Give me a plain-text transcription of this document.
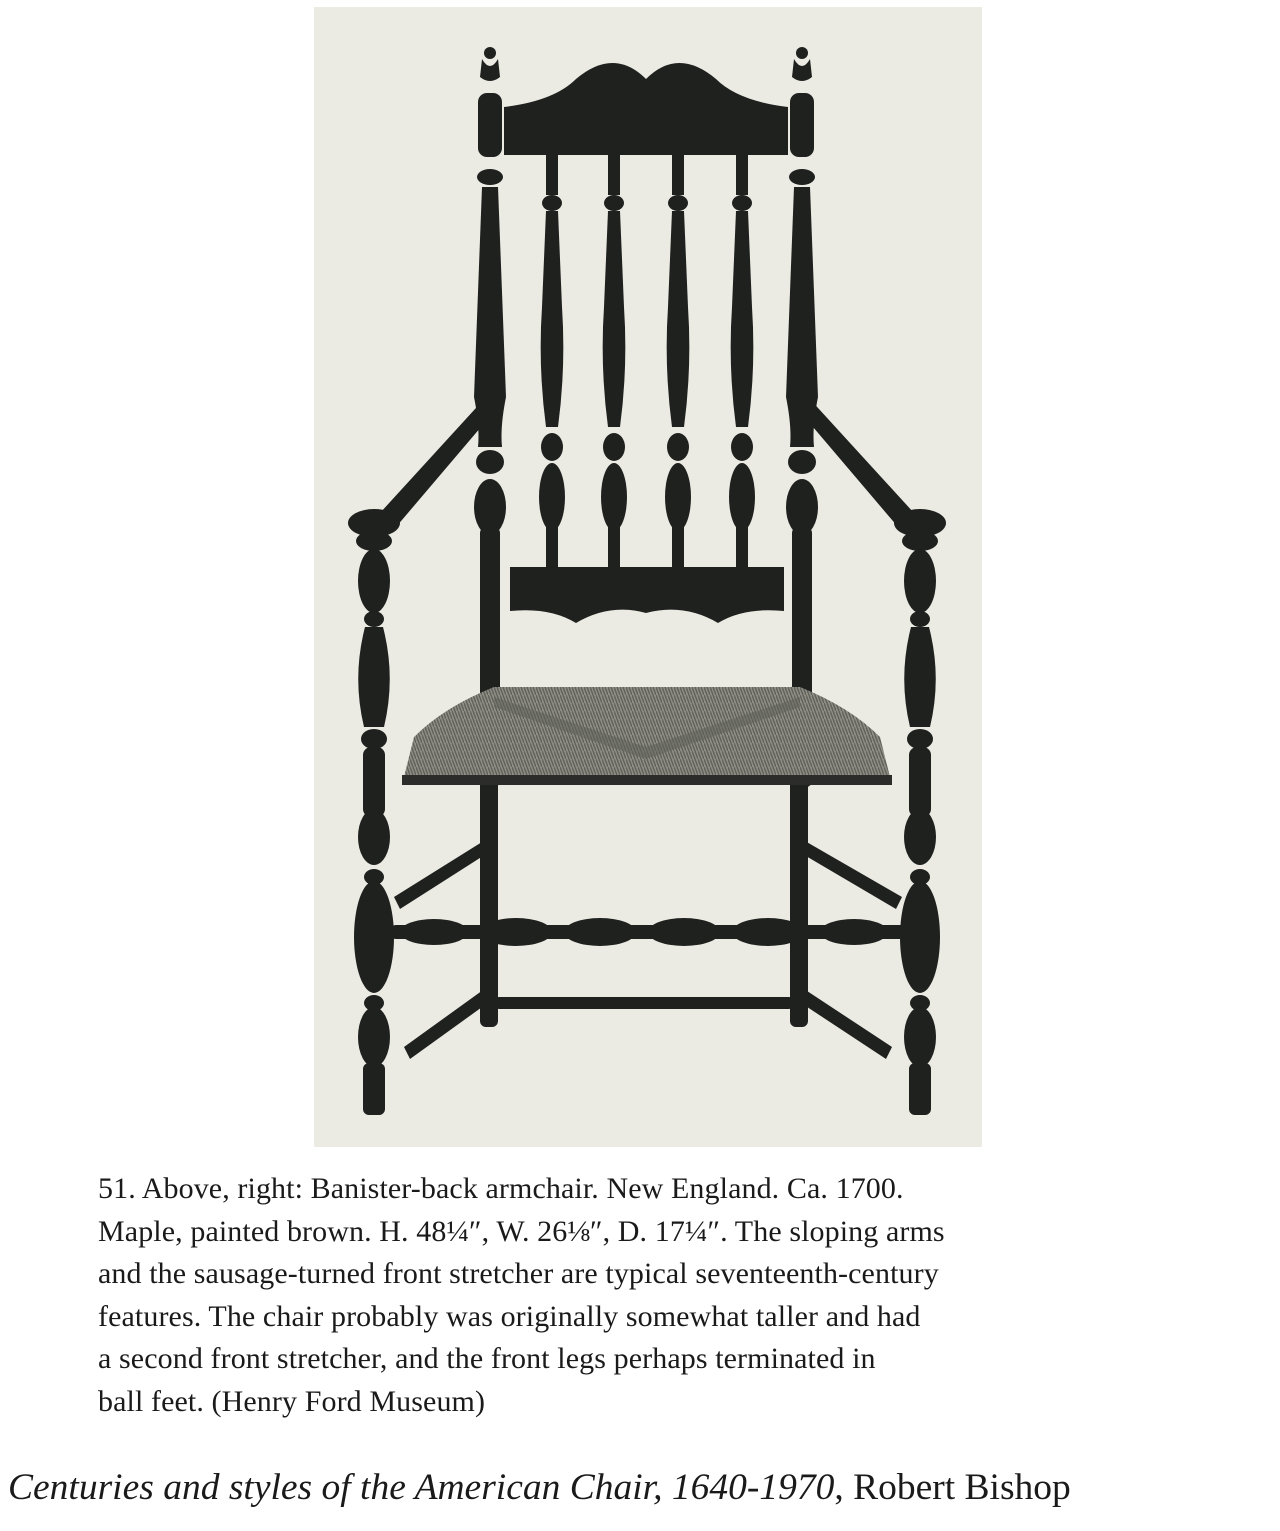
51. Above, right: Banister-back armchair. New England. Ca. 1700.
Maple, painted brown. H. 48¼″, W. 26⅛″, D. 17¼″. The sloping arms
and the sausage-turned front stretcher are typical seventeenth-century
features. The chair probably was originally somewhat taller and had
a second front stretcher, and the front legs perhaps terminated in
ball feet. (Henry Ford Museum)
Centuries and styles of the American Chair, 1640-1970, Robert Bishop
